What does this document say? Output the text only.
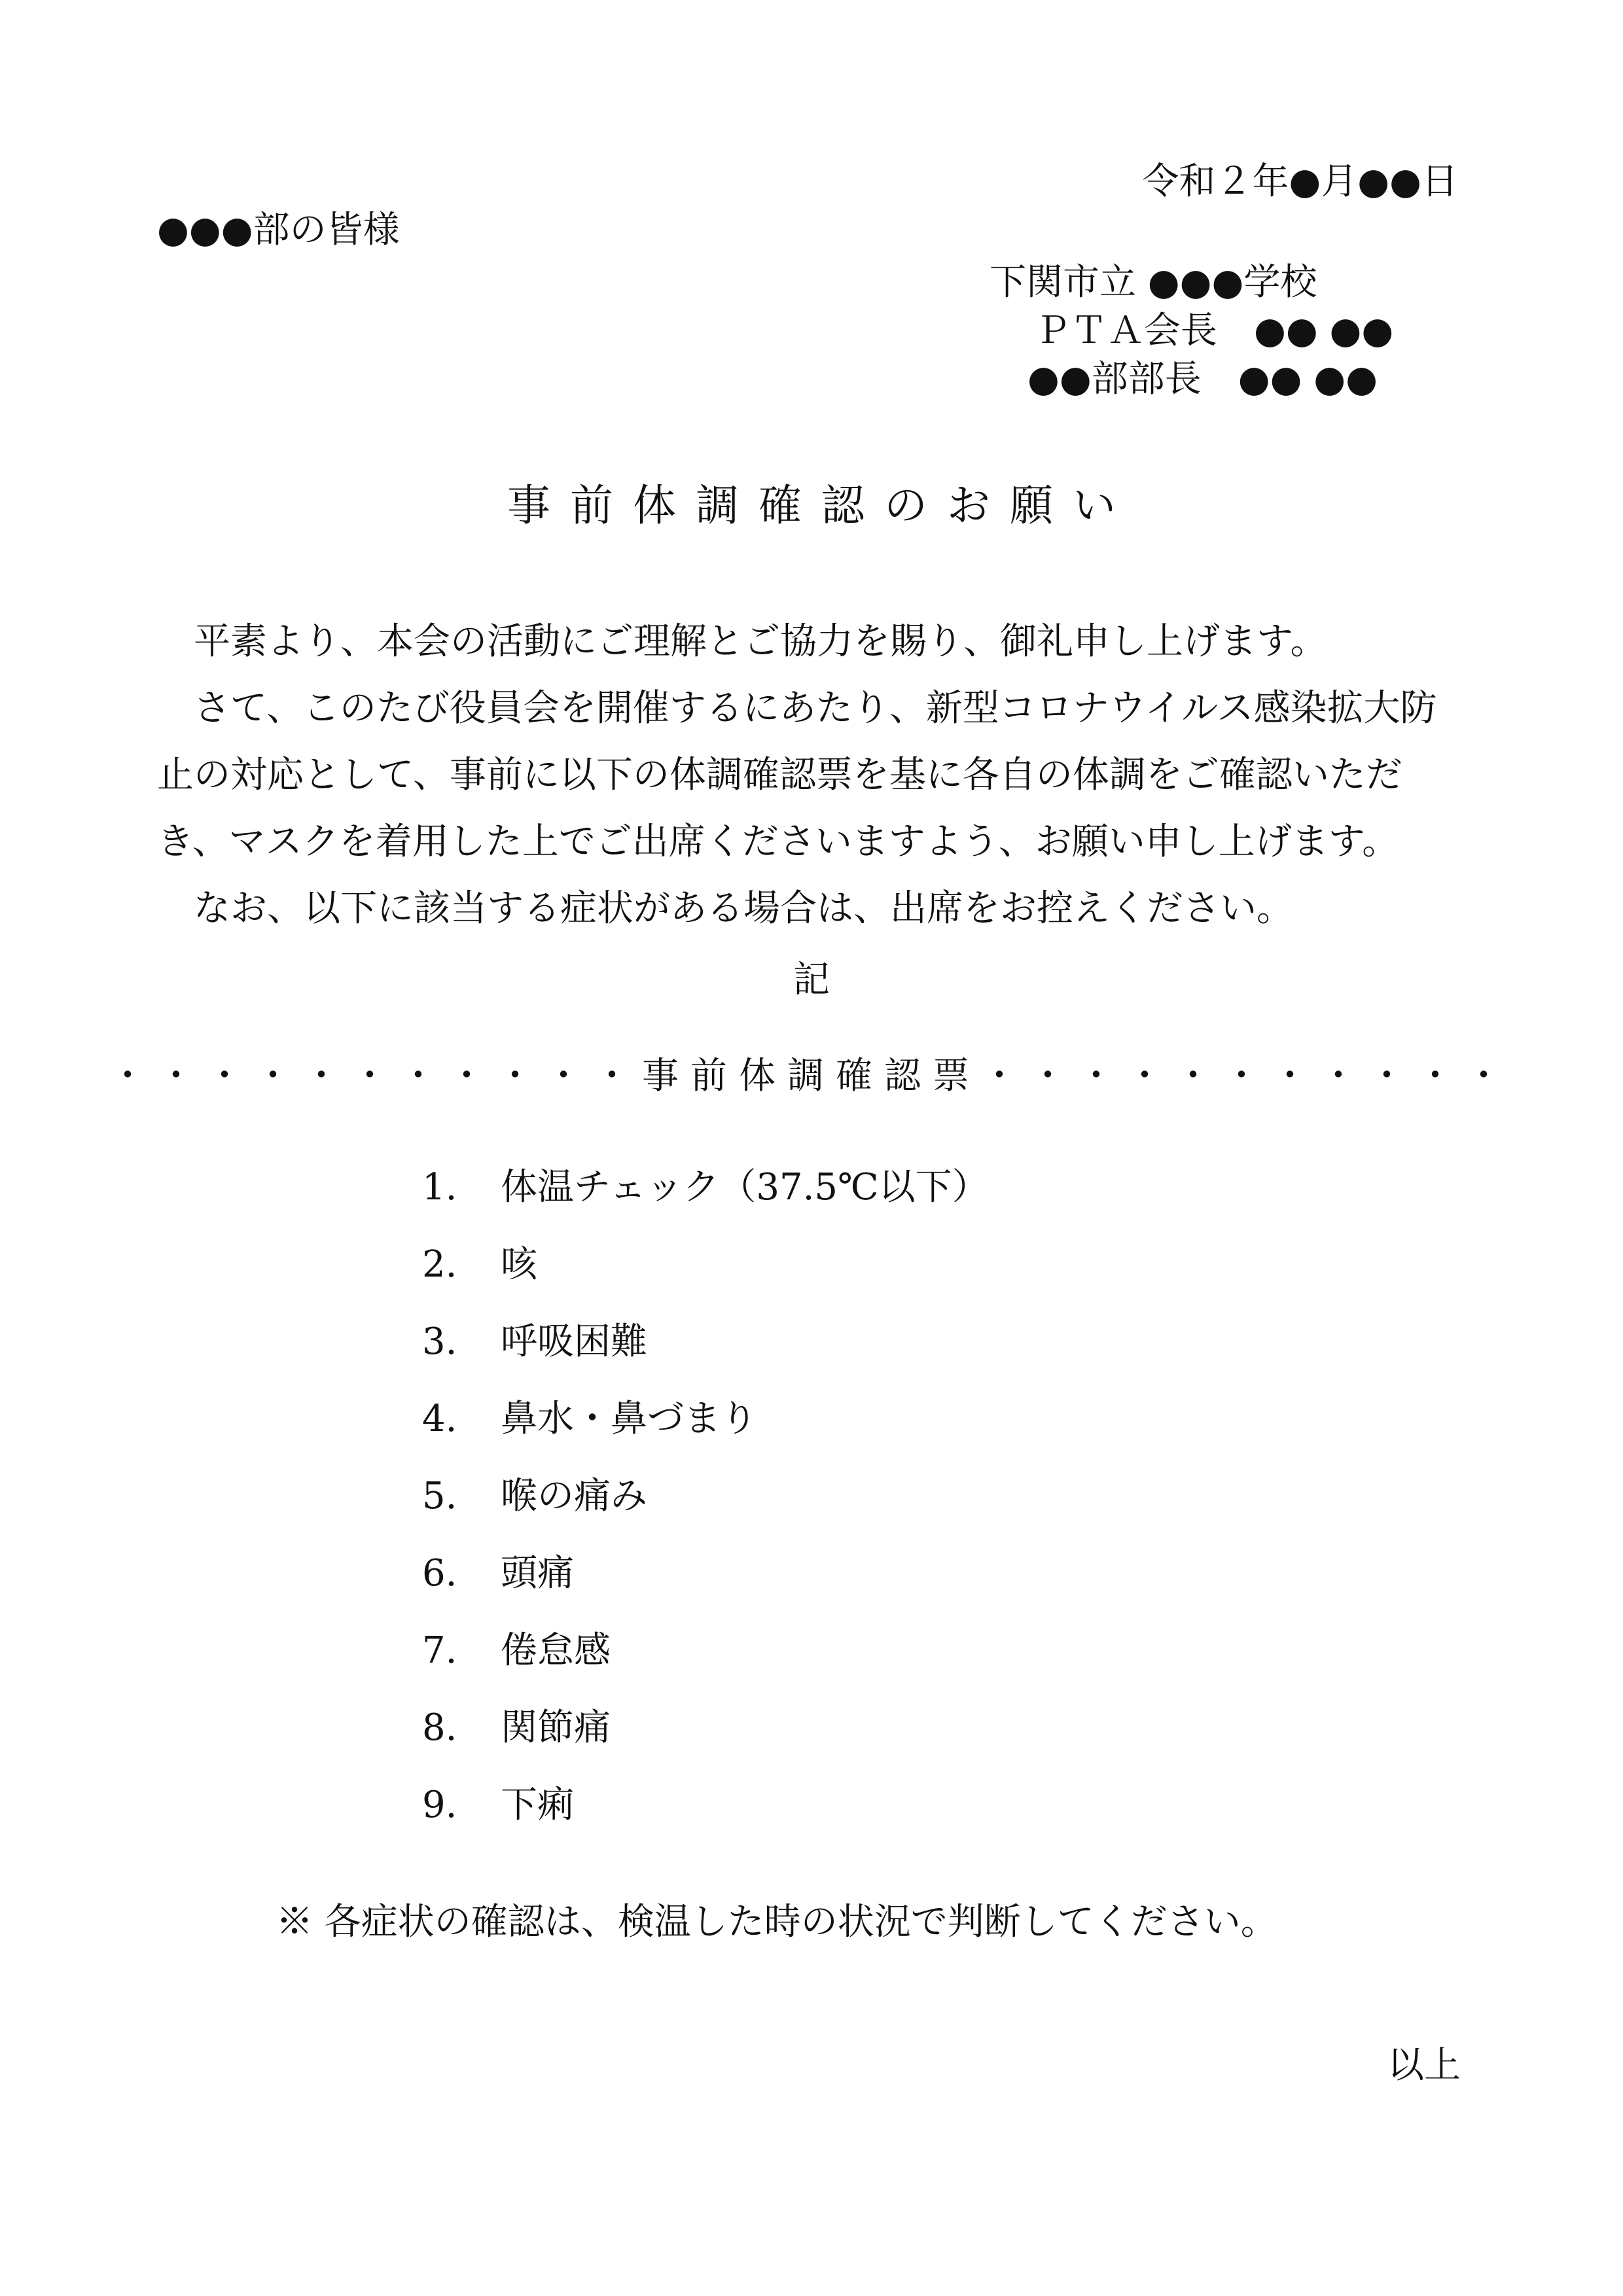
令和２年●月●●日
●●●部の皆様
下関市立 ●●●学校
ＰＴＡ会長　●● ●●
●●部部長　●● ●●
事前体調確認のお願い

平素より、本会の活動にご理解とご協力を賜り、御礼申し上げます。

さて、このたび役員会を開催するにあたり、新型コロナウイルス感染拡大防止の対応として、事前に以下の体調確認票を基に各自の体調をご確認いただき、マスクを着用した上でご出席くださいますよう、お願い申し上げます。

なお、以下に該当する症状がある場合は、出席をお控えください。

記
・・・・・・・・・・・事前体調確認票・・・・・・・・・・・
1. 体温チェック（37.5℃以下）
2. 咳
3. 呼吸困難
4. 鼻水・鼻づまり
5. 喉の痛み
6. 頭痛
7. 倦怠感
8. 関節痛
9. 下痢
※ 各症状の確認は、検温した時の状況で判断してください。
以上
